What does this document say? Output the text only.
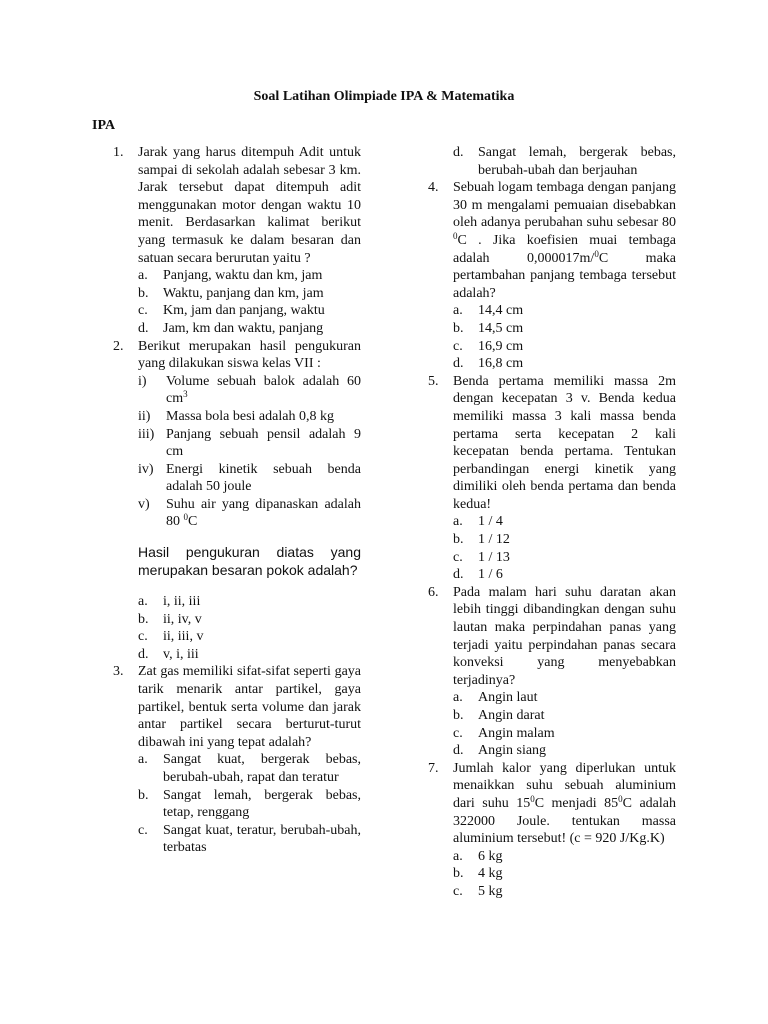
Soal Latihan Olimpiade IPA & Matematika
IPA
1. Jarak yang harus ditempuh Adit untuk sampai di sekolah adalah sebesar 3 km. Jarak tersebut dapat ditempuh adit menggunakan motor dengan waktu 10 menit. Berdasarkan kalimat berikut yang termasuk ke dalam besaran dan satuan secara berurutan yaitu ?
a. Panjang, waktu dan km, jam
b. Waktu, panjang dan km, jam
c. Km, jam dan panjang, waktu
d. Jam, km dan waktu, panjang
2. Berikut merupakan hasil pengukuran yang dilakukan siswa kelas VII :
i) Volume sebuah balok adalah 60 $cm^3$
ii) Massa bola besi adalah 0,8 kg
iii) Panjang sebuah pensil adalah 9 cm
iv) Energi kinetik sebuah benda adalah 50 joule
v) Suhu air yang dipanaskan adalah 80 $^0$C
Hasil pengukuran diatas yang merupakan besaran pokok adalah?
a. i, ii, iii
b. ii, iv, v
c. ii, iii, v
d. v, i, iii
3. Zat gas memiliki sifat-sifat seperti gaya tarik menarik antar partikel, gaya partikel, bentuk serta volume dan jarak antar partikel secara berturut-turut dibawah ini yang tepat adalah?
a. Sangat kuat, bergerak bebas, berubah-ubah, rapat dan teratur
b. Sangat lemah, bergerak bebas, tetap, renggang
c. Sangat kuat, teratur, berubah-ubah, terbatas
d. Sangat lemah, bergerak bebas, berubah-ubah dan berjauhan
4. Sebuah logam tembaga dengan panjang 30 m mengalami pemuaian disebabkan oleh adanya perubahan suhu sebesar 80 $^0$C . Jika koefisien muai tembaga adalah 0,000017m/$^0$C maka pertambahan panjang tembaga tersebut adalah?
a. 14,4 cm
b. 14,5 cm
c. 16,9 cm
d. 16,8 cm
5. Benda pertama memiliki massa 2m dengan kecepatan 3 v. Benda kedua memiliki massa 3 kali massa benda pertama serta kecepatan 2 kali kecepatan benda pertama. Tentukan perbandingan energi kinetik yang dimiliki oleh benda pertama dan benda kedua!
a. 1 / 4
b. 1 / 12
c. 1 / 13
d. 1 / 6
6. Pada malam hari suhu daratan akan lebih tinggi dibandingkan dengan suhu lautan maka perpindahan panas yang terjadi yaitu perpindahan panas secara konveksi yang menyebabkan terjadinya?
a. Angin laut
b. Angin darat
c. Angin malam
d. Angin siang
7. Jumlah kalor yang diperlukan untuk menaikkan suhu sebuah aluminium dari suhu $15^0C$ menjadi $85^0C$ adalah 322000 Joule. tentukan massa aluminium tersebut! (c = 920 J/Kg.K)
a. 6 kg
b. 4 kg
c. 5 kg
